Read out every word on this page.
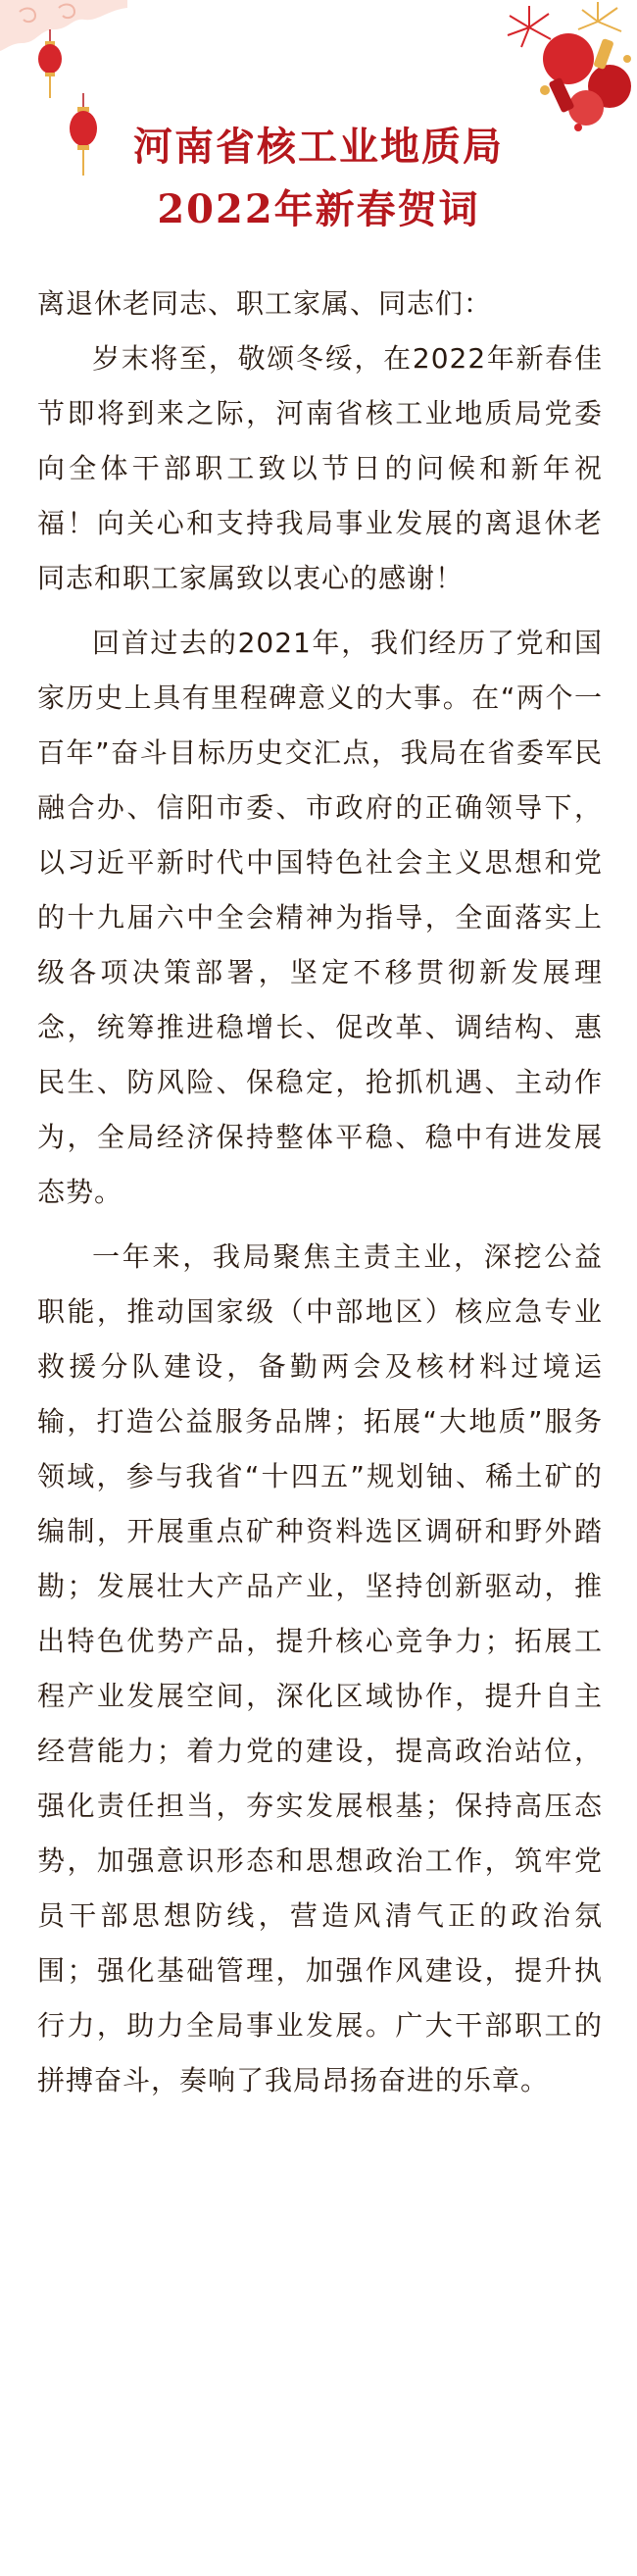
河南省核工业地质局
2022年新春贺词

离退休老同志、职工家属、同志们：

岁末将至，敬颂冬绥，在2022年新春佳节即将到来之际，河南省核工业地质局党委向全体干部职工致以节日的问候和新年祝福！向关心和支持我局事业发展的离退休老同志和职工家属致以衷心的感谢！

回首过去的2021年，我们经历了党和国家历史上具有里程碑意义的大事。在“两个一百年”奋斗目标历史交汇点，我局在省委军民融合办、信阳市委、市政府的正确领导下，以习近平新时代中国特色社会主义思想和党的十九届六中全会精神为指导，全面落实上级各项决策部署，坚定不移贯彻新发展理念，统筹推进稳增长、促改革、调结构、惠民生、防风险、保稳定，抢抓机遇、主动作为，全局经济保持整体平稳、稳中有进发展态势。

一年来，我局聚焦主责主业，深挖公益职能，推动国家级（中部地区）核应急专业救援分队建设，备勤两会及核材料过境运输，打造公益服务品牌；拓展“大地质”服务领域，参与我省“十四五”规划铀、稀土矿的编制，开展重点矿种资料选区调研和野外踏勘；发展壮大产品产业，坚持创新驱动，推出特色优势产品，提升核心竞争力；拓展工程产业发展空间，深化区域协作，提升自主经营能力；着力党的建设，提高政治站位，强化责任担当，夯实发展根基；保持高压态势，加强意识形态和思想政治工作，筑牢党员干部思想防线，营造风清气正的政治氛围；强化基础管理，加强作风建设，提升执行力，助力全局事业发展。广大干部职工的拼搏奋斗，奏响了我局昂扬奋进的乐章。
